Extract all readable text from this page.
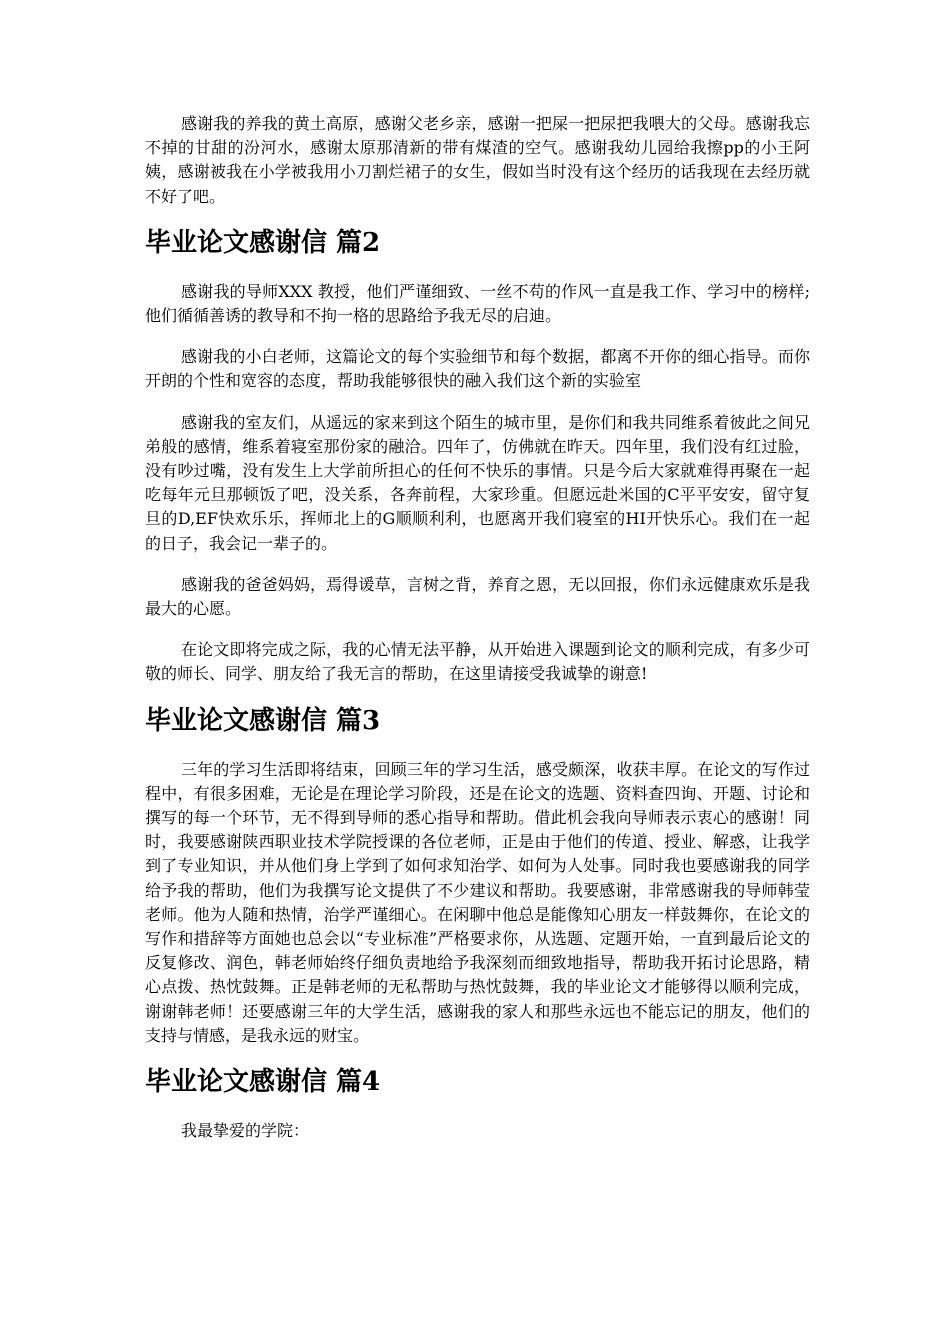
感谢我的养我的黄土高原，感谢父老乡亲，感谢一把屎一把尿把我喂大的父母。感谢我忘 不掉的甘甜的汾河水，感谢太原那清新的带有煤渣的空气。感谢我幼儿园给我擦pp的小王阿姨，感谢被我在小学被我用小刀割烂裙子的女生，假如当时没有这个经历的话我现在去经历就不好了吧。

毕业论文感谢信 篇2

感谢我的导师XXX 教授，他们严谨细致、一丝不苟的作风一直是我工作、学习中的榜样;他们循循善诱的教导和不拘一格的思路给予我无尽的启迪。

感谢我的小白老师，这篇论文的每个实验细节和每个数据，都离不开你的细心指导。而你开朗的个性和宽容的态度，帮助我能够很快的融入我们这个新的实验室

感谢我的室友们，从遥远的家来到这个陌生的城市里，是你们和我共同维系着彼此之间兄弟般的感情，维系着寝室那份家的融洽。四年了，仿佛就在昨天。四年里，我们没有红过脸，没有吵过嘴，没有发生上大学前所担心的任何不快乐的事情。只是今后大家就难得再聚在一起吃每年元旦那顿饭了吧，没关系，各奔前程，大家珍重。但愿远赴米国的C平平安安，留守复旦的D,EF快欢乐乐，挥师北上的G顺顺利利，也愿离开我们寝室的HI开快乐心。我们在一起的日子，我会记一辈子的。

感谢我的爸爸妈妈，焉得谖草，言树之背，养育之恩，无以回报，你们永远健康欢乐是我最大的心愿。

在论文即将完成之际，我的心情无法平静，从开始进入课题到论文的顺利完成，有多少可敬的师长、同学、朋友给了我无言的帮助，在这里请接受我诚挚的谢意!

毕业论文感谢信 篇3

三年的学习生活即将结束，回顾三年的学习生活，感受颇深，收获丰厚。在论文的写作过程中，有很多困难，无论是在理论学习阶段，还是在论文的选题、资料查四询、开题、讨论和撰写的每一个环节，无不得到导师的悉心指导和帮助。借此机会我向导师表示衷心的感谢！同时，我要感谢陕西职业技术学院授课的各位老师，正是由于他们的传道、授业、解惑，让我学到了专业知识，并从他们身上学到了如何求知治学、如何为人处事。同时我也要感谢我的同学给予我的帮助，他们为我撰写论文提供了不少建议和帮助。我要感谢，非常感谢我的导师韩莹老师。他为人随和热情，治学严谨细心。在闲聊中他总是能像知心朋友一样鼓舞你，在论文的写作和措辞等方面她也总会以“专业标准”严格要求你，从选题、定题开始，一直到最后论文的反复修改、润色，韩老师始终仔细负责地给予我深刻而细致地指导，帮助我开拓讨论思路，精心点拨、热忱鼓舞。正是韩老师的无私帮助与热忱鼓舞，我的毕业论文才能够得以顺利完成，谢谢韩老师！还要感谢三年的大学生活，感谢我的家人和那些永远也不能忘记的朋友，他们的支持与情感，是我永远的财宝。

毕业论文感谢信 篇4

我最挚爱的学院：
